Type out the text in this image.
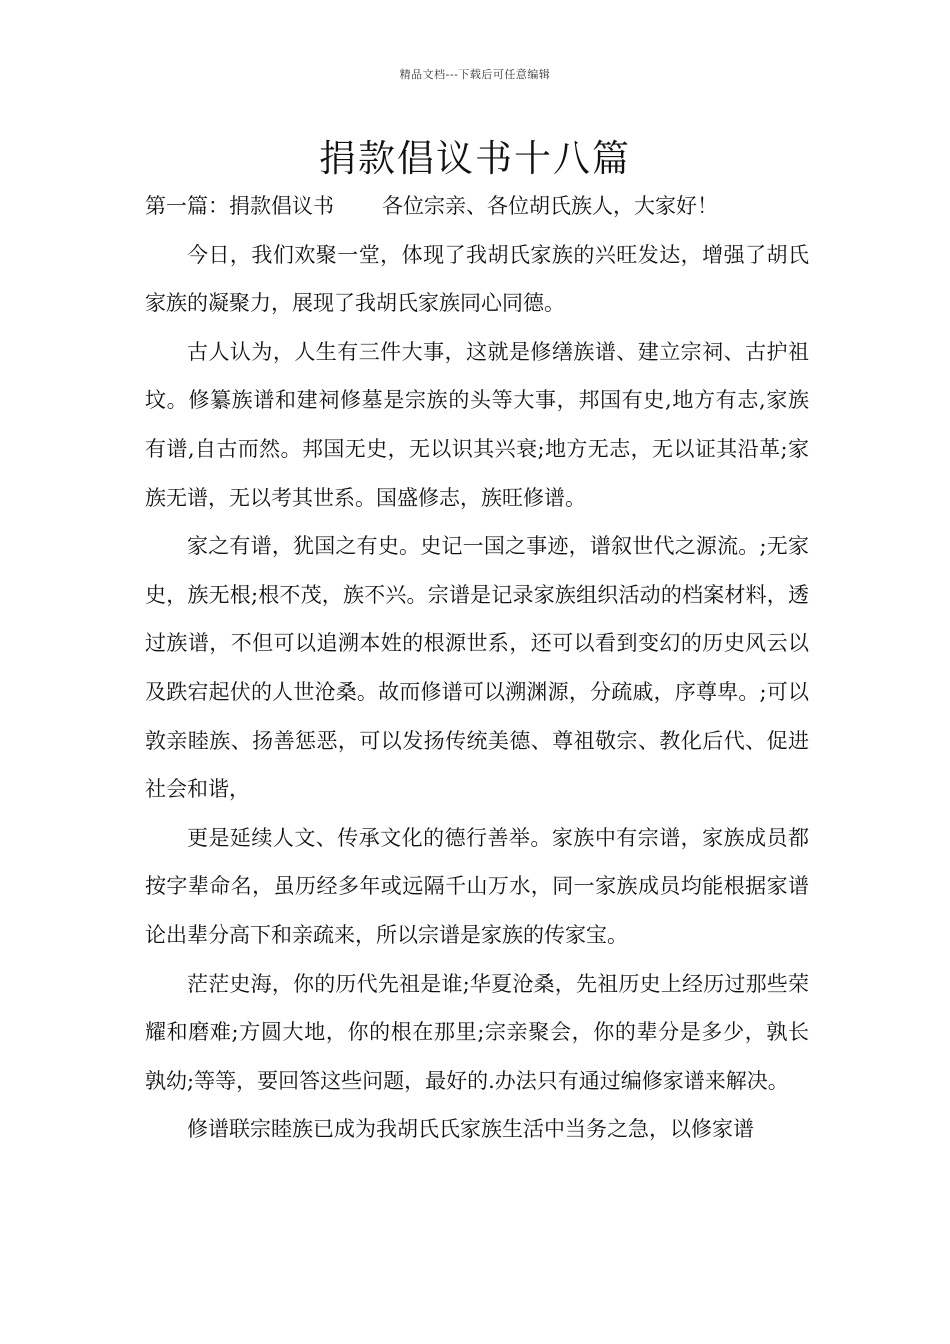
精品文档---下载后可任意编辑
捐款倡议书十八篇

第一篇：捐款倡议书 各位宗亲、各位胡氏族人，大家好！

今日，我们欢聚一堂，体现了我胡氏家族的兴旺发达，增强了胡氏家族的凝聚力，展现了我胡氏家族同心同德。

古人认为，人生有三件大事，这就是修缮族谱、建立宗祠、古护祖坟。修纂族谱和建祠修墓是宗族的头等大事，邦国有史,地方有志,家族有谱,自古而然。邦国无史，无以识其兴衰;地方无志，无以证其沿革;家族无谱，无以考其世系。国盛修志，族旺修谱。

家之有谱，犹国之有史。史记一国之事迹，谱叙世代之源流。;无家史，族无根;根不茂，族不兴。宗谱是记录家族组织活动的档案材料，透过族谱，不但可以追溯本姓的根源世系，还可以看到变幻的历史风云以及跌宕起伏的人世沧桑。故而修谱可以溯渊源，分疏戚，序尊卑。;可以敦亲睦族、扬善惩恶，可以发扬传统美德、尊祖敬宗、教化后代、促进社会和谐，

更是延续人文、传承文化的德行善举。家族中有宗谱，家族成员都按字辈命名，虽历经多年或远隔千山万水，同一家族成员均能根据家谱论出辈分高下和亲疏来，所以宗谱是家族的传家宝。

茫茫史海，你的历代先祖是谁;华夏沧桑，先祖历史上经历过那些荣耀和磨难;方圆大地，你的根在那里;宗亲聚会，你的辈分是多少，孰长孰幼;等等，要回答这些问题，最好的.办法只有通过编修家谱来解决。

修谱联宗睦族已成为我胡氏氏家族生活中当务之急，以修家谱
